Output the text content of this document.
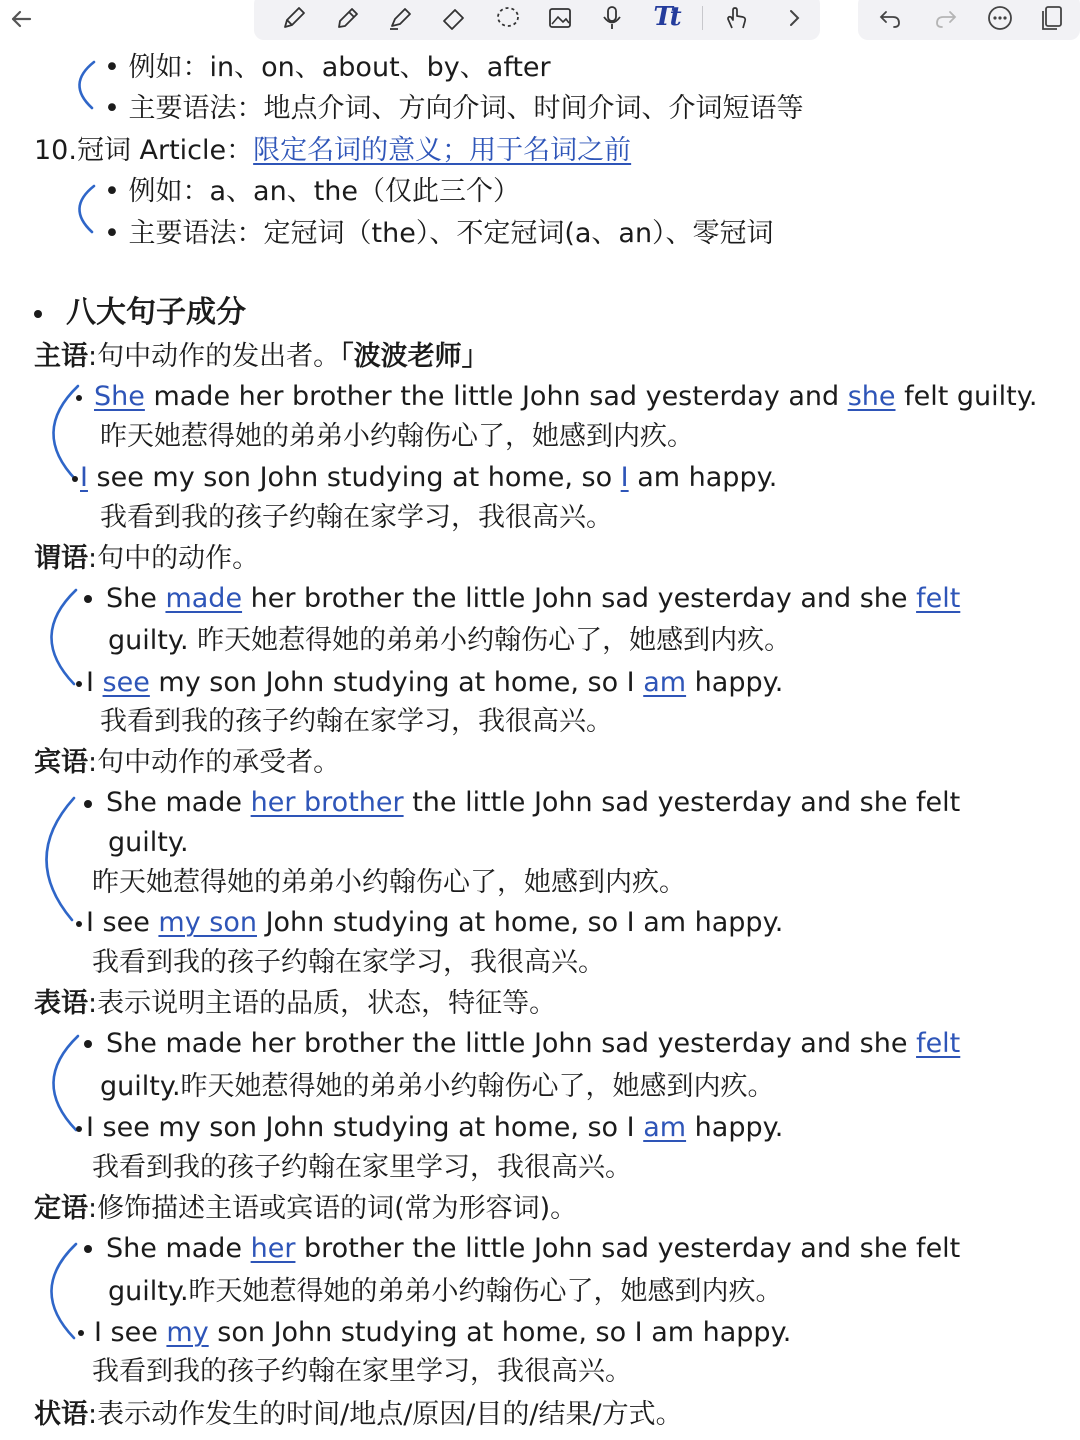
Tt
• 例如：in、on、about、by、after
• 主要语法：地点介词、方向介词、时间介词、介词短语等
10.冠词 Article：限定名词的意义；用于名词之前
• 例如：a、an、the（仅此三个）
• 主要语法：定冠词（the）、不定冠词(a、an）、零冠词
八大句子成分
主语:句中动作的发出者。「波波老师」
She made her brother the little John sad yesterday and she felt guilty.
昨天她惹得她的弟弟小约翰伤心了，她感到内疚。
I see my son John studying at home, so I am happy.
我看到我的孩子约翰在家学习，我很高兴。
谓语:句中的动作。
She made her brother the little John sad yesterday and she felt
guilty. 昨天她惹得她的弟弟小约翰伤心了，她感到内疚。
I see my son John studying at home, so I am happy.
我看到我的孩子约翰在家学习，我很高兴。
宾语:句中动作的承受者。
She made her brother the little John sad yesterday and she felt
guilty.
昨天她惹得她的弟弟小约翰伤心了，她感到内疚。
I see my son John studying at home, so I am happy.
我看到我的孩子约翰在家学习，我很高兴。
表语:表示说明主语的品质，状态，特征等。
She made her brother the little John sad yesterday and she felt
guilty.昨天她惹得她的弟弟小约翰伤心了，她感到内疚。
I see my son John studying at home, so I am happy.
我看到我的孩子约翰在家里学习，我很高兴。
定语:修饰描述主语或宾语的词(常为形容词)。
She made her brother the little John sad yesterday and she felt
guilty.昨天她惹得她的弟弟小约翰伤心了，她感到内疚。
I see my son John studying at home, so I am happy.
我看到我的孩子约翰在家里学习，我很高兴。
状语:表示动作发生的时间/地点/原因/目的/结果/方式。
